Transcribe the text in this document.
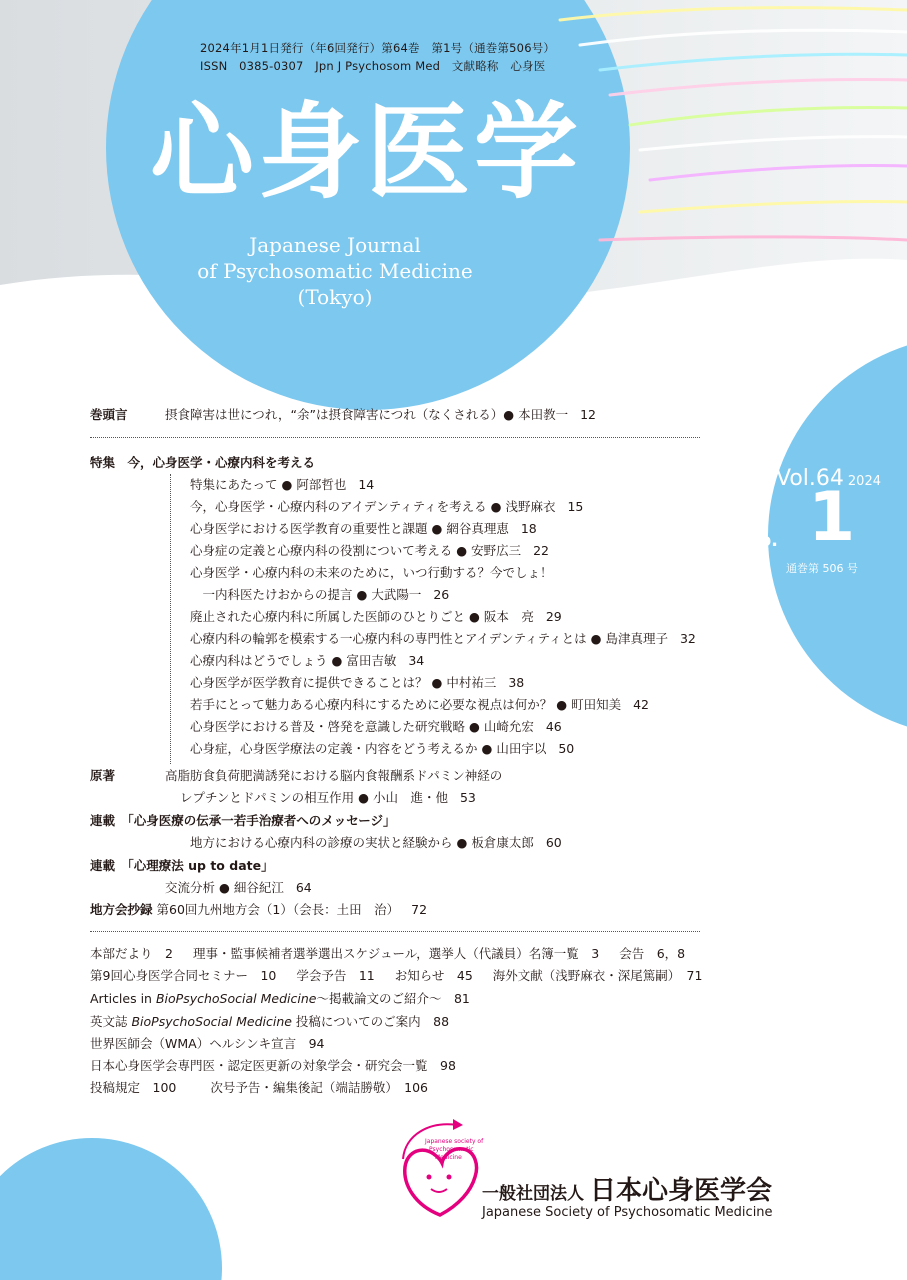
2024年1月1日発行（年6回発行）第64巻　第1号（通巻第506号）
ISSN　0385-0307　Jpn J Psychosom Med　文献略称　心身医
心身医学
Japanese Journal
of Psychosomatic Medicine
(Tokyo)
Vol.64 2024
no. 1
通巻第 506 号
巻頭言	摂食障害は世につれ，“余”は摂食障害につれ（なくされる）● 本田教一 12
特集　今，心身医学・心療内科を考える
特集にあたって ● 阿部哲也 14
今，心身医学・心療内科のアイデンティティを考える ● 浅野麻衣 15
心身医学における医学教育の重要性と課題 ● 網谷真理恵 18
心身症の定義と心療内科の役割について考える ● 安野広三 22
心身医学・心療内科の未来のために，いつ行動する？今でしょ！
　一内科医たけおからの提言 ● 大武陽一 26
廃止された心療内科に所属した医師のひとりごと ● 阪本　亮 29
心療内科の輪郭を模索する一心療内科の専門性とアイデンティティとは ● 島津真理子 32
心療内科はどうでしょう ● 富田吉敏 34
心身医学が医学教育に提供できることは？ ● 中村祐三 38
若手にとって魅力ある心療内科にするために必要な視点は何か？ ● 町田知美 42
心身医学における普及・啓発を意識した研究戦略 ● 山崎允宏 46
心身症，心身医学療法の定義・内容をどう考えるか ● 山田宇以 50
原著	高脂肪食負荷肥満誘発における脳内食報酬系ドパミン神経の
レプチンとドパミンの相互作用 ● 小山　進・他 53
連載　 「心身医療の伝承一若手治療者へのメッセージ」
地方における心療内科の診療の実状と経験から ● 板倉康太郎 60
連載　 「心理療法 up to date」
交流分析 ● 細谷紀江 64
地方会抄録 第60回九州地方会（1）（会長：土田　治） 72
本部だより　2 理事・監事候補者選挙選出スケジュール，選挙人（代議員）名簿一覧　3 会告　6，8
第9回心身医学合同セミナー　10 学会予告　11 お知らせ　45 海外文献（浅野麻衣・深尾篤嗣）　71
Articles in BioPsychoSocial Medicine～掲載論文のご紹介～　81
英文誌 BioPsychoSocial Medicine 投稿についてのご案内　88
世界医師会（WMA）ヘルシンキ宣言　94
日本心身医学会専門医・認定医更新の対象学会・研究会一覧　98
投稿規定　100	次号予告・編集後記（端詰勝敬）　106
Japanese society of
Psychosomatic
Medicine
一般社団法人 日本心身医学会
Japanese Society of Psychosomatic Medicine
